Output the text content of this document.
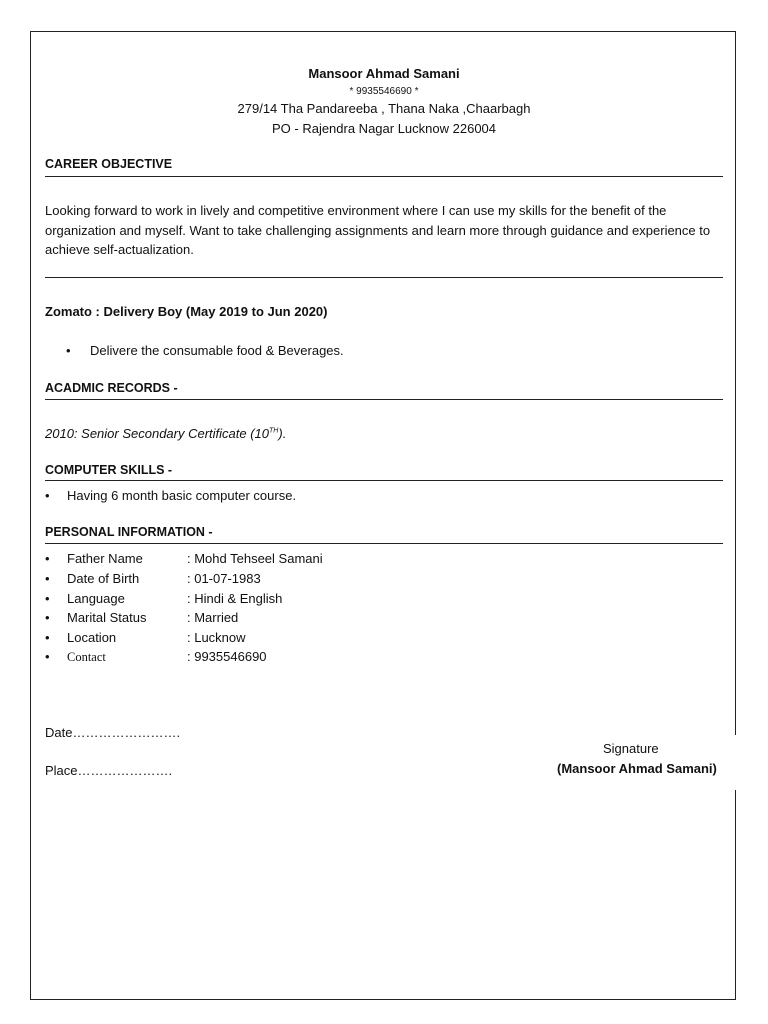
Mansoor Ahmad Samani
* 9935546690 *
279/14 Tha Pandareeba , Thana Naka ,Chaarbagh
PO - Rajendra Nagar Lucknow 226004
CAREER OBJECTIVE
Looking forward to work in lively and competitive environment where I can use my skills for the benefit of the organization and myself. Want to take challenging assignments and learn more through guidance and experience to achieve self-actualization.
Zomato : Delivery Boy (May 2019 to Jun 2020)
• Delivere the consumable food & Beverages.
ACADMIC RECORDS -
2010: Senior Secondary Certificate (10TH).
COMPUTER SKILLS -
• Having 6 month basic computer course.
PERSONAL INFORMATION -
• Father Name	: Mohd Tehseel Samani
• Date of Birth	: 01-07-1983
• Language	: Hindi & English
• Marital Status	: Married
• Location	: Lucknow
• Contact	: 9935546690
Date…………………….
Place………………….
Signature
(Mansoor Ahmad Samani)
